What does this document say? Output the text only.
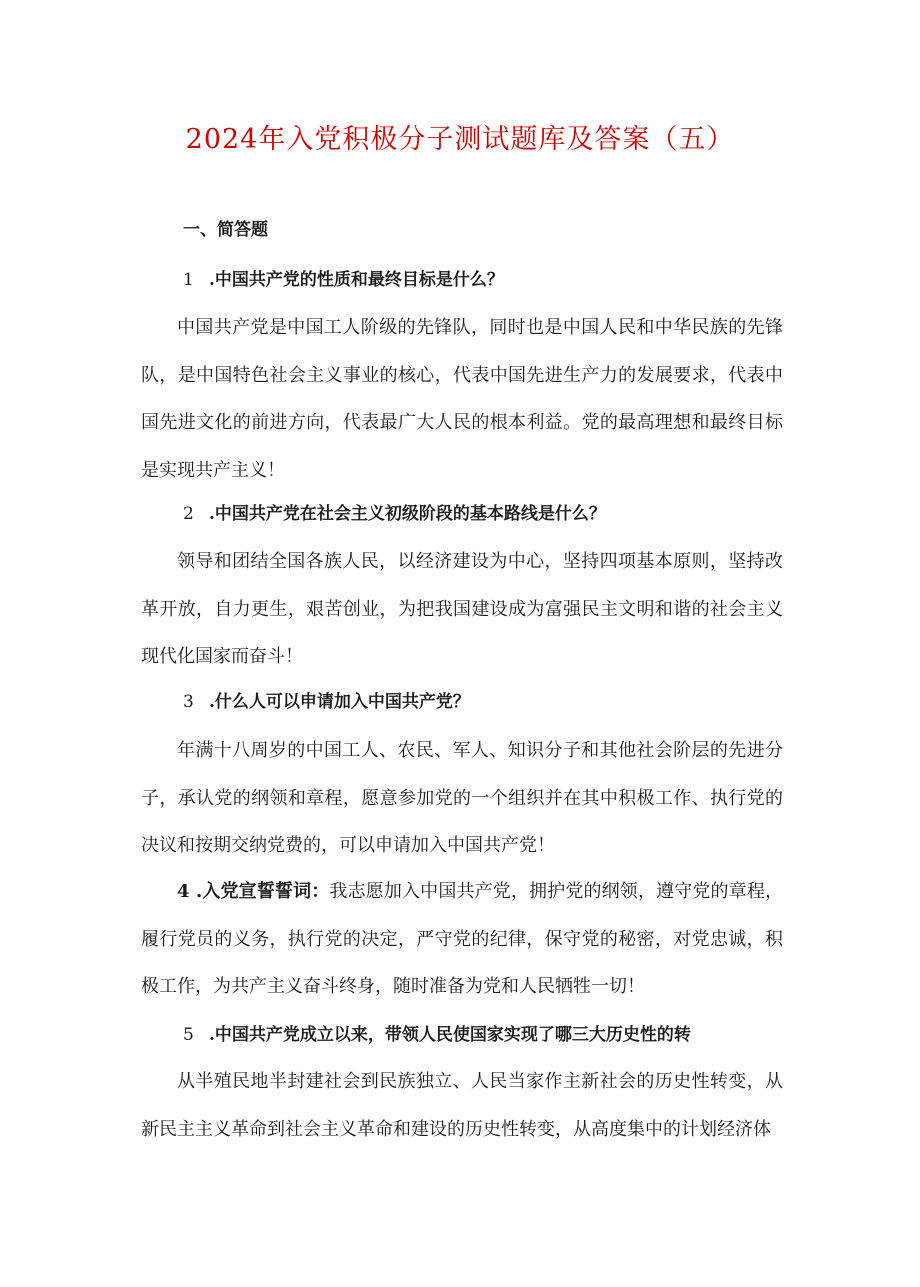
2024年入党积极分子测试题库及答案（五）
一、简答题
1 .中国共产党的性质和最终目标是什么？
中国共产党是中国工人阶级的先锋队，同时也是中国人民和中华民族的先锋队，是中国特色社会主义事业的核心，代表中国先进生产力的发展要求，代表中国先进文化的前进方向，代表最广大人民的根本利益。党的最高理想和最终目标是实现共产主义！
2 .中国共产党在社会主义初级阶段的基本路线是什么？
领导和团结全国各族人民，以经济建设为中心，坚持四项基本原则，坚持改革开放，自力更生，艰苦创业，为把我国建设成为富强民主文明和谐的社会主义现代化国家而奋斗！
3 .什么人可以申请加入中国共产党？
年满十八周岁的中国工人、农民、军人、知识分子和其他社会阶层的先进分子，承认党的纲领和章程，愿意参加党的一个组织并在其中积极工作、执行党的决议和按期交纳党费的，可以申请加入中国共产党！
4 .入党宣誓誓词：我志愿加入中国共产党，拥护党的纲领，遵守党的章程，履行党员的义务，执行党的决定，严守党的纪律，保守党的秘密，对党忠诚，积极工作，为共产主义奋斗终身，随时准备为党和人民牺牲一切！
5 .中国共产党成立以来，带领人民使国家实现了哪三大历史性的转
从半殖民地半封建社会到民族独立、人民当家作主新社会的历史性转变，从新民主主义革命到社会主义革命和建设的历史性转变，从高度集中的计划经济体
